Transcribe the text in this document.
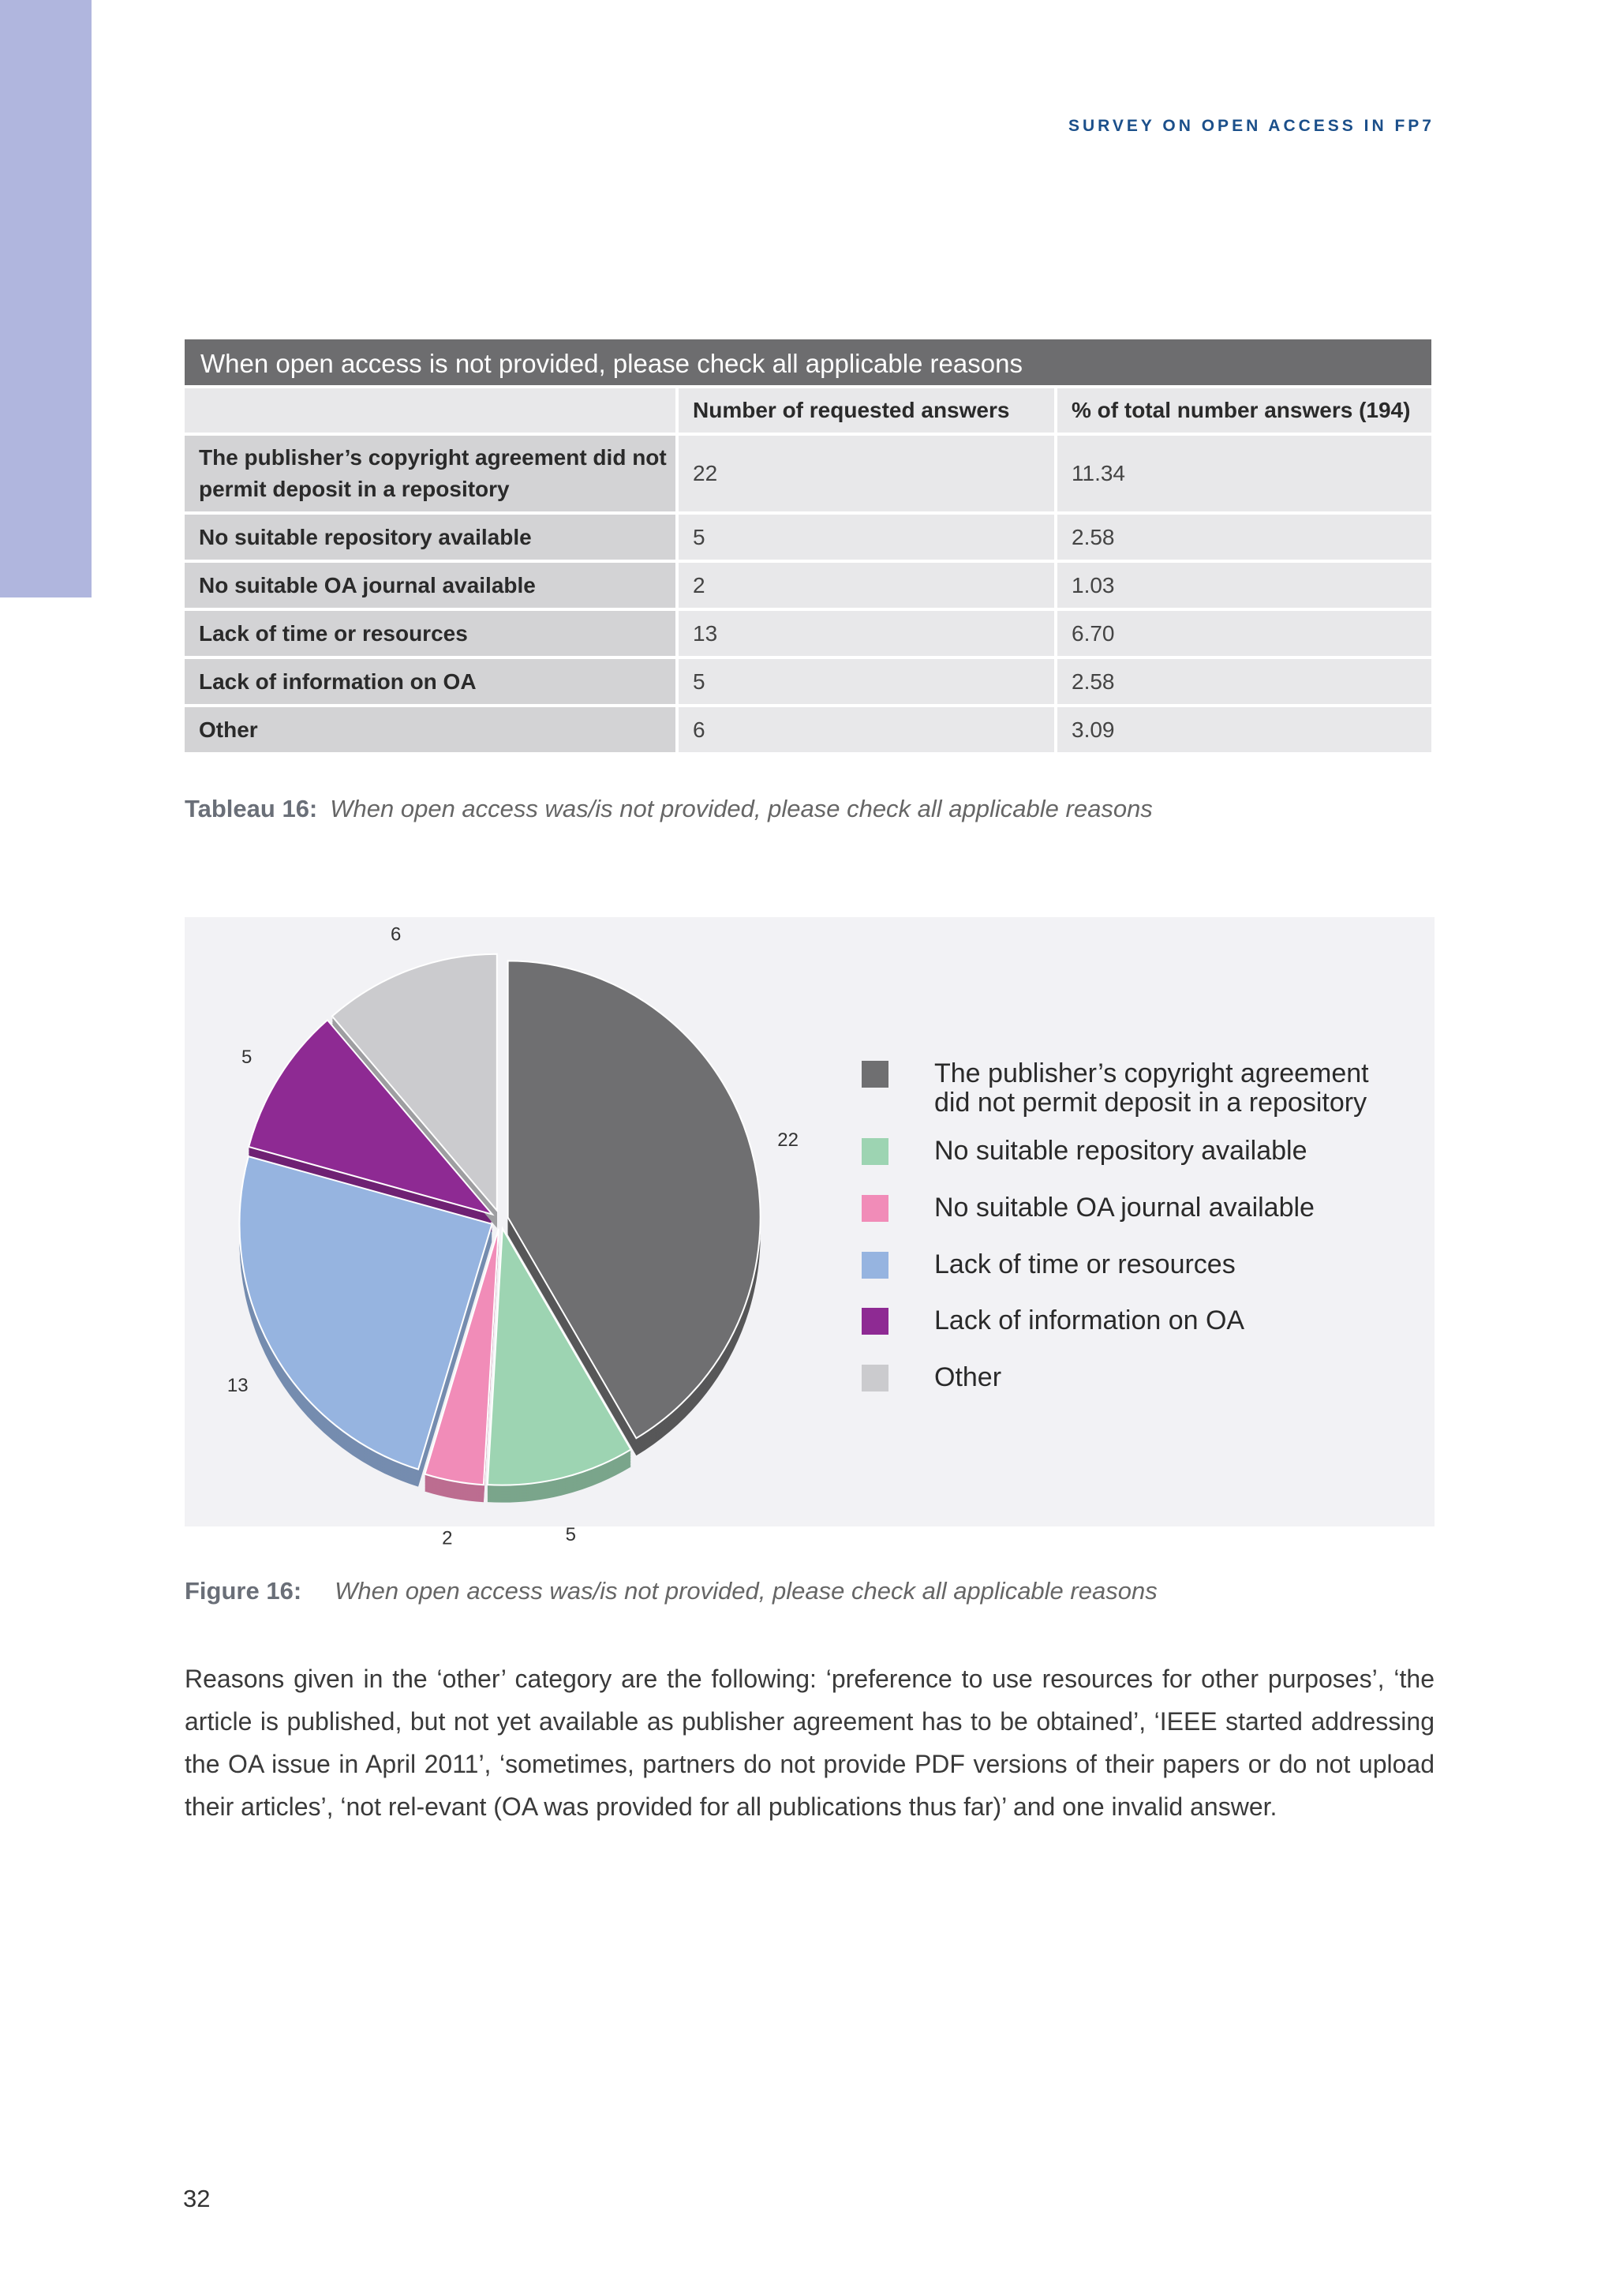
SURVEY ON OPEN ACCESS IN FP7
When open access is not provided, please check all applicable reasons
Number of requested answers	% of total number answers (194)
The publisher’s copyright agreement did not
permit deposit in a repository
22	11.34
No suitable repository available	5	2.58
No suitable OA journal available	2	1.03
Lack of time or resources	13	6.70
Lack of information on OA	5	2.58
Other	6	3.09
Tableau 16: When open access was/is not provided, please check all applicable reasons
22
5
2
13
5
6
The publisher’s copyright agreement
did not permit deposit in a repository
No suitable repository available
No suitable OA journal available
Lack of time or resources
Lack of information on OA
Other
Figure 16: When open access was/is not provided, please check all applicable reasons
Reasons given in the ‘other’ category are the following: ‘preference to use resources for other purposes’, ‘the article is published, but not yet available as publisher agreement has to be obtained’, ‘IEEE started addressing the OA issue in April 2011’, ‘sometimes, partners do not provide PDF versions of their papers or do not upload their articles’, ‘not rel-evant (OA was provided for all publications thus far)’ and one invalid answer.
32
